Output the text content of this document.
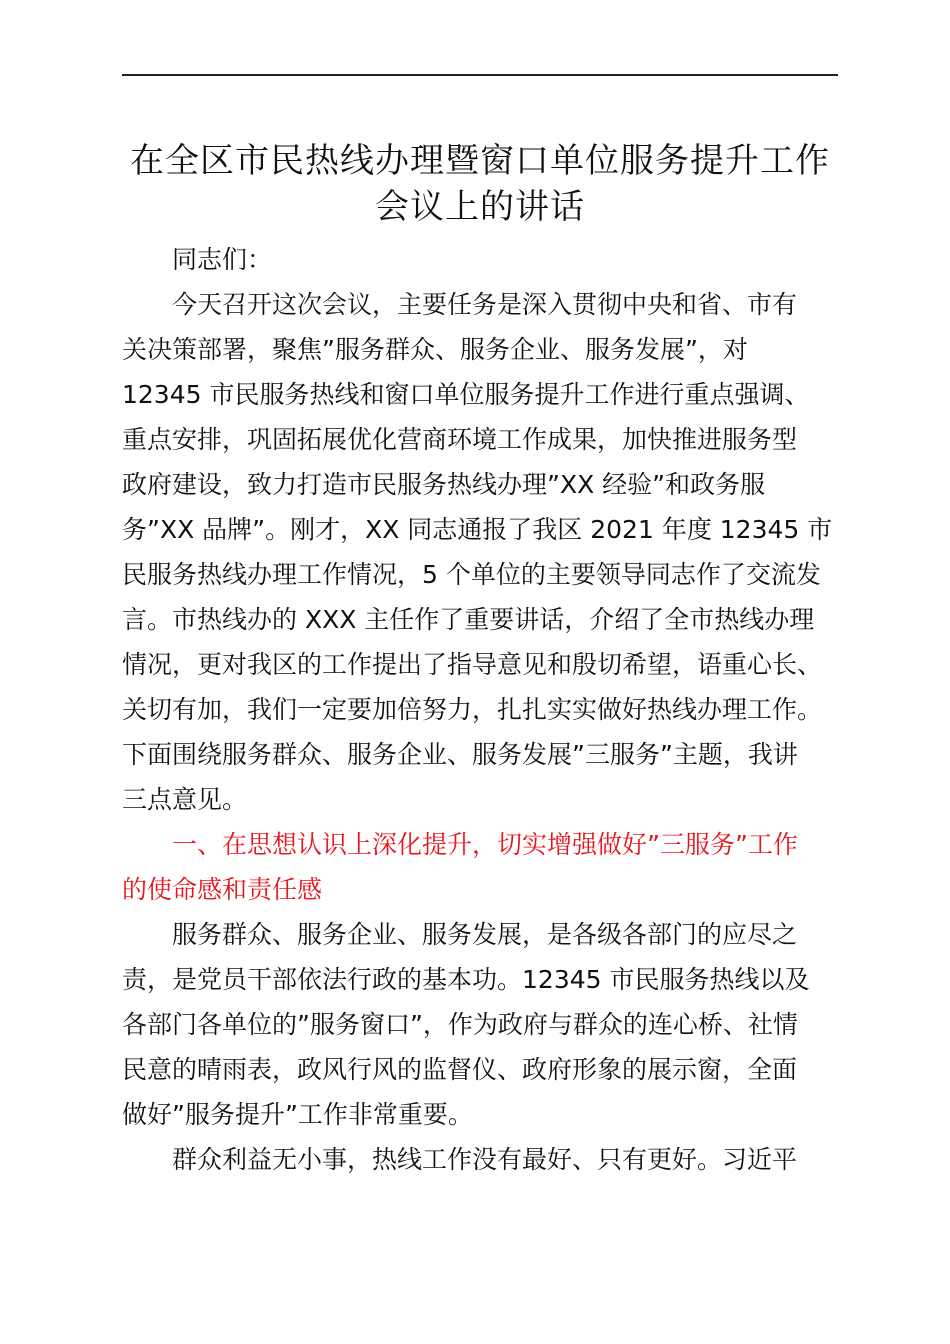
在全区市民热线办理暨窗口单位服务提升工作
会议上的讲话

同志们：

今天召开这次会议，主要任务是深入贯彻中央和省、市有
关决策部署，聚焦”服务群众、服务企业、服务发展”，对
12345 市民服务热线和窗口单位服务提升工作进行重点强调、
重点安排，巩固拓展优化营商环境工作成果，加快推进服务型
政府建设，致力打造市民服务热线办理”XX 经验”和政务服
务”XX 品牌”。刚才，XX 同志通报了我区 2021 年度 12345 市
民服务热线办理工作情况，5 个单位的主要领导同志作了交流发
言。市热线办的 XXX 主任作了重要讲话，介绍了全市热线办理
情况，更对我区的工作提出了指导意见和殷切希望，语重心长、
关切有加，我们一定要加倍努力，扎扎实实做好热线办理工作。
下面围绕服务群众、服务企业、服务发展”三服务”主题，我讲
三点意见。

一、在思想认识上深化提升，切实增强做好”三服务”工作
的使命感和责任感

服务群众、服务企业、服务发展，是各级各部门的应尽之
责，是党员干部依法行政的基本功。12345 市民服务热线以及
各部门各单位的”服务窗口”，作为政府与群众的连心桥、社情
民意的晴雨表，政风行风的监督仪、政府形象的展示窗，全面
做好”服务提升”工作非常重要。

群众利益无小事，热线工作没有最好、只有更好。习近平
